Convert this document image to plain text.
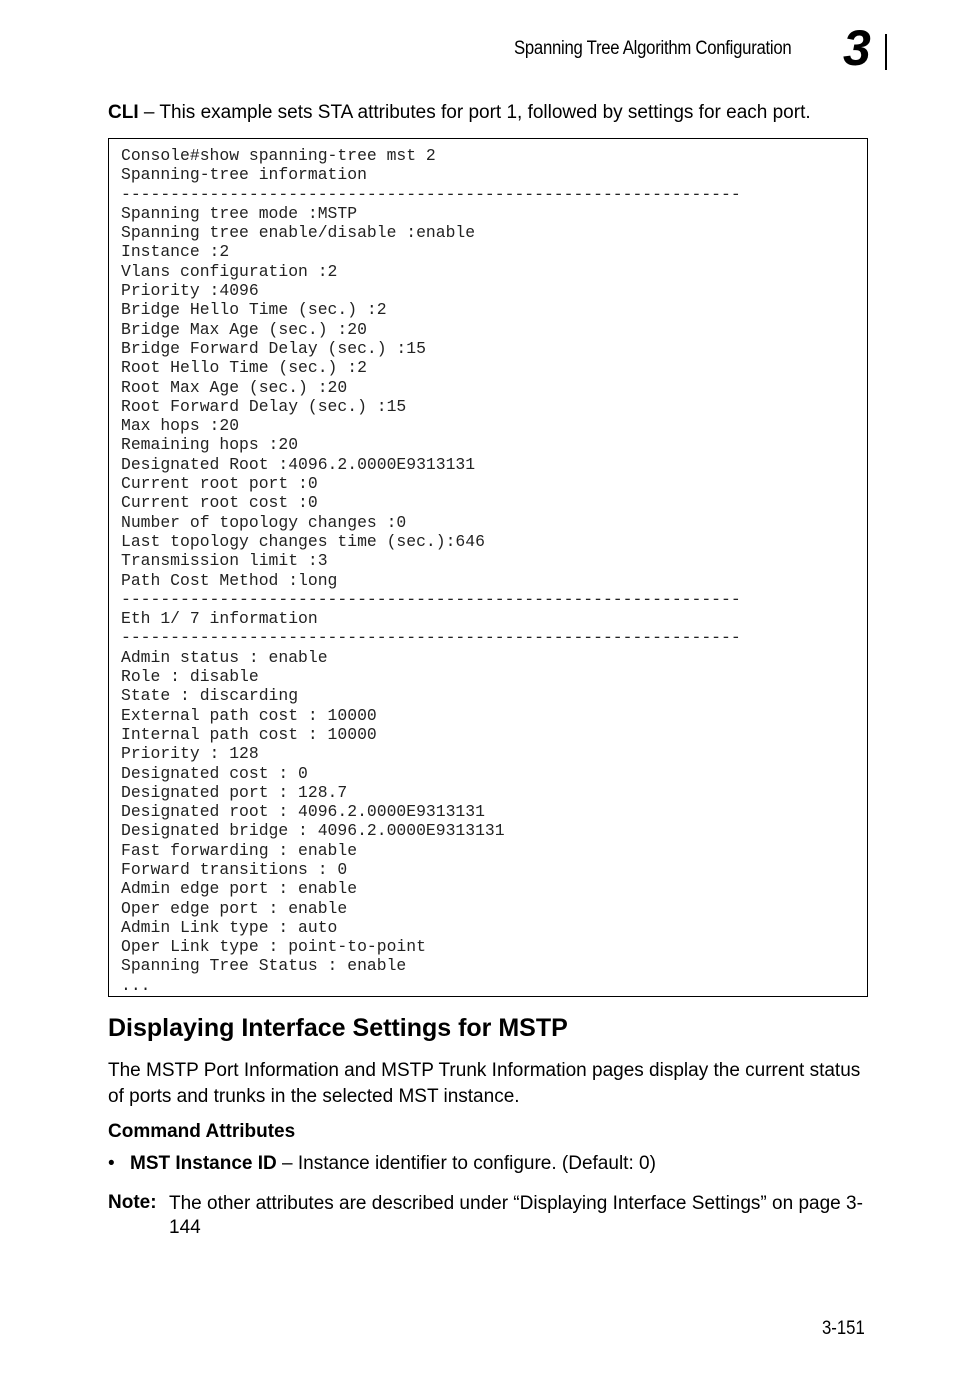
Spanning Tree Algorithm Configuration 3
CLI – This example sets STA attributes for port 1, followed by settings for each port.
Console#show spanning-tree mst 2
Spanning-tree information
---------------------------------------------------------------
Spanning tree mode :MSTP
Spanning tree enable/disable :enable
Instance :2
Vlans configuration :2
Priority :4096
Bridge Hello Time (sec.) :2
Bridge Max Age (sec.) :20
Bridge Forward Delay (sec.) :15
Root Hello Time (sec.) :2
Root Max Age (sec.) :20
Root Forward Delay (sec.) :15
Max hops :20
Remaining hops :20
Designated Root :4096.2.0000E9313131
Current root port :0
Current root cost :0
Number of topology changes :0
Last topology changes time (sec.):646
Transmission limit :3
Path Cost Method :long
---------------------------------------------------------------
Eth 1/ 7 information
---------------------------------------------------------------
Admin status : enable
Role : disable
State : discarding
External path cost : 10000
Internal path cost : 10000
Priority : 128
Designated cost : 0
Designated port : 128.7
Designated root : 4096.2.0000E9313131
Designated bridge : 4096.2.0000E9313131
Fast forwarding : enable
Forward transitions : 0
Admin edge port : enable
Oper edge port : enable
Admin Link type : auto
Oper Link type : point-to-point
Spanning Tree Status : enable
...
Displaying Interface Settings for MSTP
The MSTP Port Information and MSTP Trunk Information pages display the current status of ports and trunks in the selected MST instance.
Command Attributes
• MST Instance ID – Instance identifier to configure. (Default: 0)
Note: The other attributes are described under “Displaying Interface Settings” on page 3-144
3-151
